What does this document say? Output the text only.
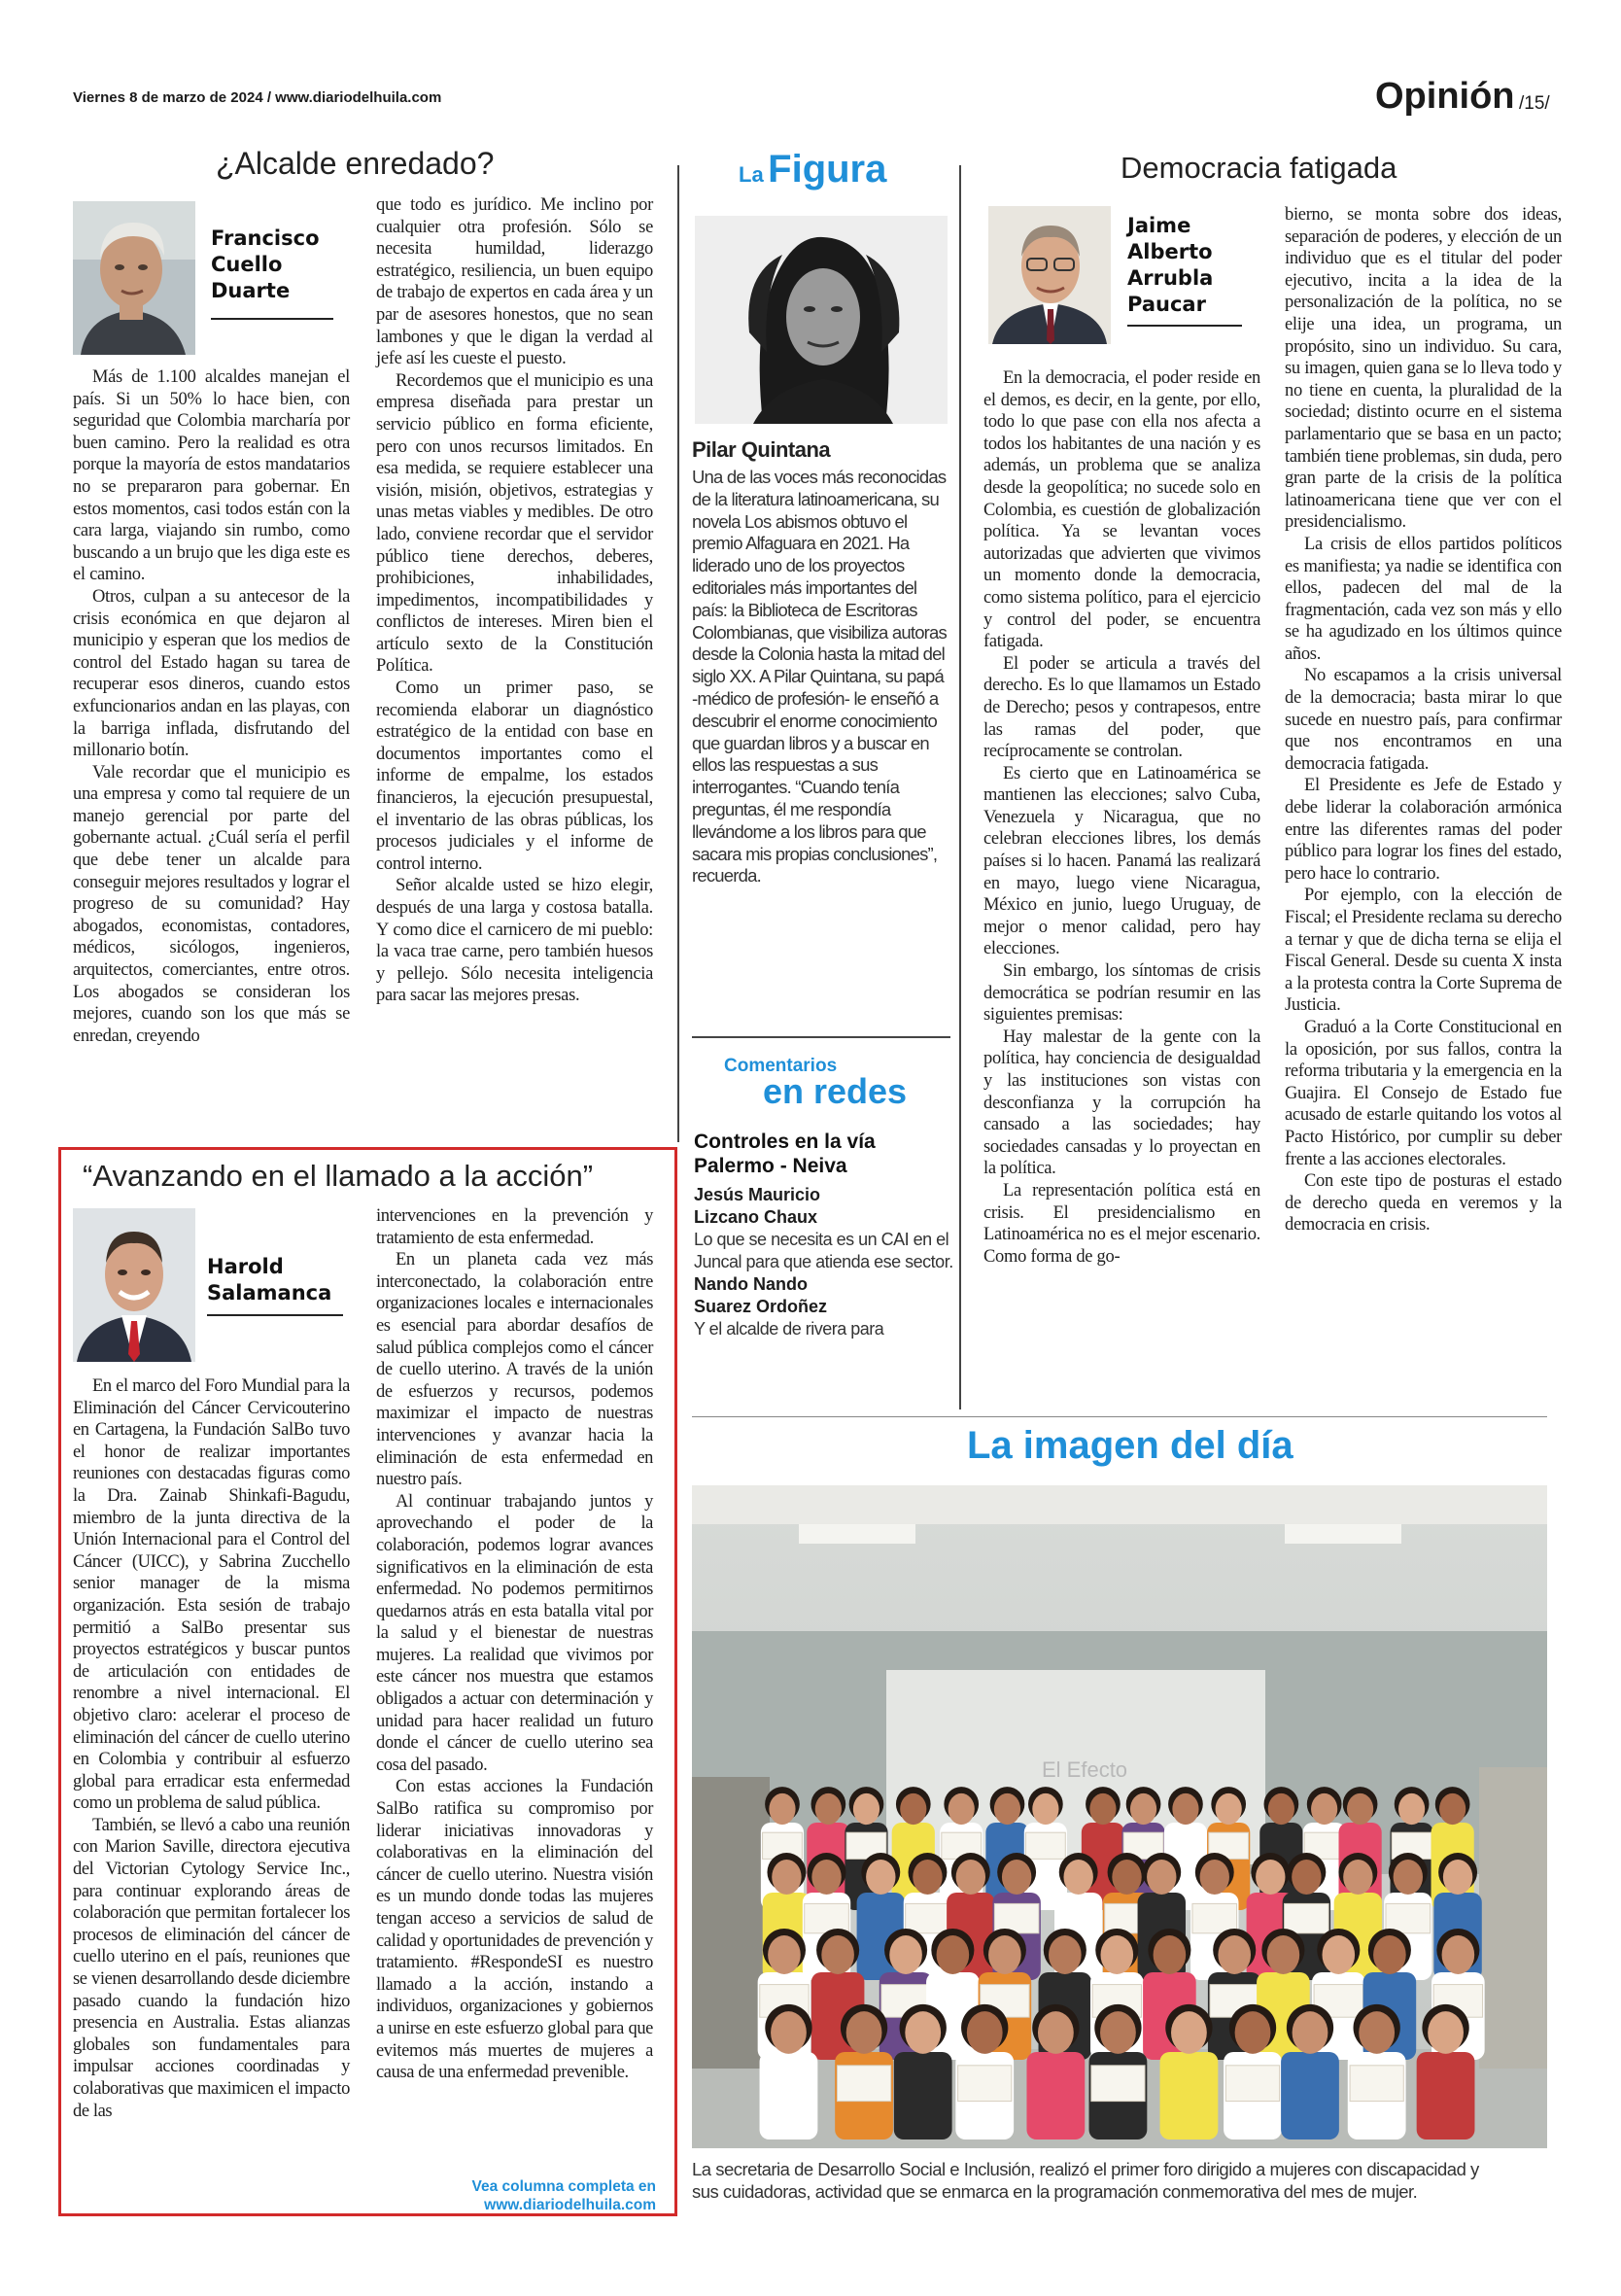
Viernes 8 de marzo de 2024 / www.diariodelhuila.com	Opinión /15/
¿Alcalde enredado?
Francisco
Cuello
Duarte

Más de 1.100 alcaldes manejan el país. Si un 50% lo hace bien, con seguridad que Colombia marcharía por buen camino. Pero la realidad es otra porque la mayoría de estos mandatarios no se prepararon para gobernar. En estos momentos, casi todos están con la cara larga, viajando sin rumbo, como buscando a un brujo que les diga este es el camino.

Otros, culpan a su antecesor de la crisis económica en que dejaron al municipio y esperan que los medios de control del Estado hagan su tarea de recuperar esos dineros, cuando estos exfuncionarios andan en las playas, con la barriga inflada, disfrutando del millonario botín.

Vale recordar que el municipio es una empresa y como tal requiere de un manejo gerencial por parte del gobernante actual. ¿Cuál sería el perfil que debe tener un alcalde para conseguir mejores resultados y lograr el progreso de su comunidad? Hay abogados, economistas, contadores, médicos, sicólogos, ingenieros, arquitectos, comerciantes, entre otros. Los abogados se consideran los mejores, cuando son los que más se enredan, creyendo

que todo es jurídico. Me inclino por cualquier otra profesión. Sólo se necesita humildad, liderazgo estratégico, resiliencia, un buen equipo de trabajo de expertos en cada área y un par de asesores honestos, que no sean lambones y que le digan la verdad al jefe así les cueste el puesto.

Recordemos que el municipio es una empresa diseñada para prestar un servicio público en forma eficiente, pero con unos recursos limitados. En esa medida, se requiere establecer una visión, misión, objetivos, estrategias y unas metas viables y medibles. De otro lado, conviene recordar que el servidor público tiene derechos, deberes, prohibiciones, inhabilidades, impedimentos, incompatibilidades y conflictos de intereses. Miren bien el artículo sexto de la Constitución Política.

Como un primer paso, se recomienda elaborar un diagnóstico estratégico de la entidad con base en documentos importantes como el informe de empalme, los estados financieros, la ejecución presupuestal, el inventario de las obras públicas, los procesos judiciales y el informe de control interno.

Señor alcalde usted se hizo elegir, después de una larga y costosa batalla. Y como dice el carnicero de mi pueblo: la vaca trae carne, pero también huesos y pellejo. Sólo necesita inteligencia para sacar las mejores presas.

“Avanzando en el llamado a la acción”
Harold
Salamanca

En el marco del Foro Mundial para la Eliminación del Cáncer Cervicouterino en Cartagena, la Fundación SalBo tuvo el honor de realizar importantes reuniones con destacadas figuras como la Dra. Zainab Shinkafi-Bagudu, miembro de la junta directiva de la Unión Internacional para el Control del Cáncer (UICC), y Sabrina Zucchello senior manager de la misma organización. Esta sesión de trabajo permitió a SalBo presentar sus proyectos estratégicos y buscar puntos de articulación con entidades de renombre a nivel internacional. El objetivo claro: acelerar el proceso de eliminación del cáncer de cuello uterino en Colombia y contribuir al esfuerzo global para erradicar esta enfermedad como un problema de salud pública.

También, se llevó a cabo una reunión con Marion Saville, directora ejecutiva del Victorian Cytology Service Inc., para continuar explorando áreas de colaboración que permitan fortalecer los procesos de eliminación del cáncer de cuello uterino en el país, reuniones que se vienen desarrollando desde diciembre pasado cuando la fundación hizo presencia en Australia. Estas alianzas globales son fundamentales para impulsar acciones coordinadas y colaborativas que maximicen el impacto de las

intervenciones en la prevención y tratamiento de esta enfermedad.

En un planeta cada vez más interconectado, la colaboración entre organizaciones locales e internacionales es esencial para abordar desafíos de salud pública complejos como el cáncer de cuello uterino. A través de la unión de esfuerzos y recursos, podemos maximizar el impacto de nuestras intervenciones y avanzar hacia la eliminación de esta enfermedad en nuestro país.

Al continuar trabajando juntos y aprovechando el poder de la colaboración, podemos lograr avances significativos en la eliminación de esta enfermedad. No podemos permitirnos quedarnos atrás en esta batalla vital por la salud y el bienestar de nuestras mujeres. La realidad que vivimos por este cáncer nos muestra que estamos obligados a actuar con determinación y unidad para hacer realidad un futuro donde el cáncer de cuello uterino sea cosa del pasado.

Con estas acciones la Fundación SalBo ratifica su compromiso por liderar iniciativas innovadoras y colaborativas en la eliminación del cáncer de cuello uterino. Nuestra visión es un mundo donde todas las mujeres tengan acceso a servicios de salud de calidad y oportunidades de prevención y tratamiento. #RespondeSI es nuestro llamado a la acción, instando a individuos, organizaciones y gobiernos a unirse en este esfuerzo global para que evitemos más muertes de mujeres a causa de una enfermedad prevenible.

Vea columna completa en
www.diariodelhuila.com
La Figura
Pilar Quintana
Una de las voces más reconocidas de la literatura latinoamericana, su novela Los abismos obtuvo el premio Alfaguara en 2021. Ha liderado uno de los proyectos editoriales más importantes del país: la Biblioteca de Escritoras Colombianas, que visibiliza autoras desde la Colonia hasta la mitad del siglo XX. A Pilar Quintana, su papá -médico de profesión- le enseñó a descubrir el enorme conocimiento que guardan libros y a buscar en ellos las respuestas a sus interrogantes. “Cuando tenía preguntas, él me respondía llevándome a los libros para que sacara mis propias conclusiones”, recuerda.
Comentarios
en redes
Controles en la vía
Palermo - Neiva
Jesús Mauricio
Lizcano Chaux
Lo que se necesita es un CAI en el Juncal para que atienda ese sector.
Nando Nando
Suarez Ordoñez
Y el alcalde de rivera para
Democracia fatigada
Jaime
Alberto
Arrubla
Paucar

En la democracia, el poder reside en el demos, es decir, en la gente, por ello, todo lo que pase con ella nos afecta a todos los habitantes de una nación y es además, un problema que se analiza desde la geopolítica; no sucede solo en Colombia, es cuestión de globalización política. Ya se levantan voces autorizadas que advierten que vivimos un momento donde la democracia, como sistema político, para el ejercicio y control del poder, se encuentra fatigada.

El poder se articula a través del derecho. Es lo que llamamos un Estado de Derecho; pesos y contrapesos, entre las ramas del poder, que recíprocamente se controlan.

Es cierto que en Latinoamérica se mantienen las elecciones; salvo Cuba, Venezuela y Nicaragua, que no celebran elecciones libres, los demás países si lo hacen. Panamá las realizará en mayo, luego viene Nicaragua, México en junio, luego Uruguay, de mejor o menor calidad, pero hay elecciones.

Sin embargo, los síntomas de crisis democrática se podrían resumir en las siguientes premisas:

Hay malestar de la gente con la política, hay conciencia de desigualdad y las instituciones son vistas con desconfianza y la corrupción ha cansado a las sociedades; hay sociedades cansadas y lo proyectan en la política.

La representación política está en crisis. El presidencialismo en Latinoamérica no es el mejor escenario. Como forma de go-

bierno, se monta sobre dos ideas, separación de poderes, y elección de un individuo que es el titular del poder ejecutivo, incita a la idea de la personalización de la política, no se elije una idea, un programa, un propósito, sino un individuo. Su cara, su imagen, quien gana se lo lleva todo y no tiene en cuenta, la pluralidad de la sociedad; distinto ocurre en el sistema parlamentario que se basa en un pacto; también tiene problemas, sin duda, pero gran parte de la crisis de la política latinoamericana tiene que ver con el presidencialismo.

La crisis de ellos partidos políticos es manifiesta; ya nadie se identifica con ellos, padecen del mal de la fragmentación, cada vez son más y ello se ha agudizado en los últimos quince años.

No escapamos a la crisis universal de la democracia; basta mirar lo que sucede en nuestro país, para confirmar que nos encontramos en una democracia fatigada.

El Presidente es Jefe de Estado y debe liderar la colaboración armónica entre las diferentes ramas del poder público para lograr los fines del estado, pero hace lo contrario.

Por ejemplo, con la elección de Fiscal; el Presidente reclama su derecho a ternar y que de dicha terna se elija el Fiscal General. Desde su cuenta X insta a la protesta contra la Corte Suprema de Justicia.

Graduó a la Corte Constitucional en la oposición, por sus fallos, contra la reforma tributaria y la emergencia en la Guajira. El Consejo de Estado fue acusado de estarle quitando los votos al Pacto Histórico, por cumplir su deber frente a las acciones electorales.

Con este tipo de posturas el estado de derecho queda en veremos y la democracia en crisis.

La imagen del día
El Efecto
La secretaria de Desarrollo Social e Inclusión, realizó el primer foro dirigido a mujeres con discapacidad y
sus cuidadoras, actividad que se enmarca en la programación conmemorativa del mes de mujer.
